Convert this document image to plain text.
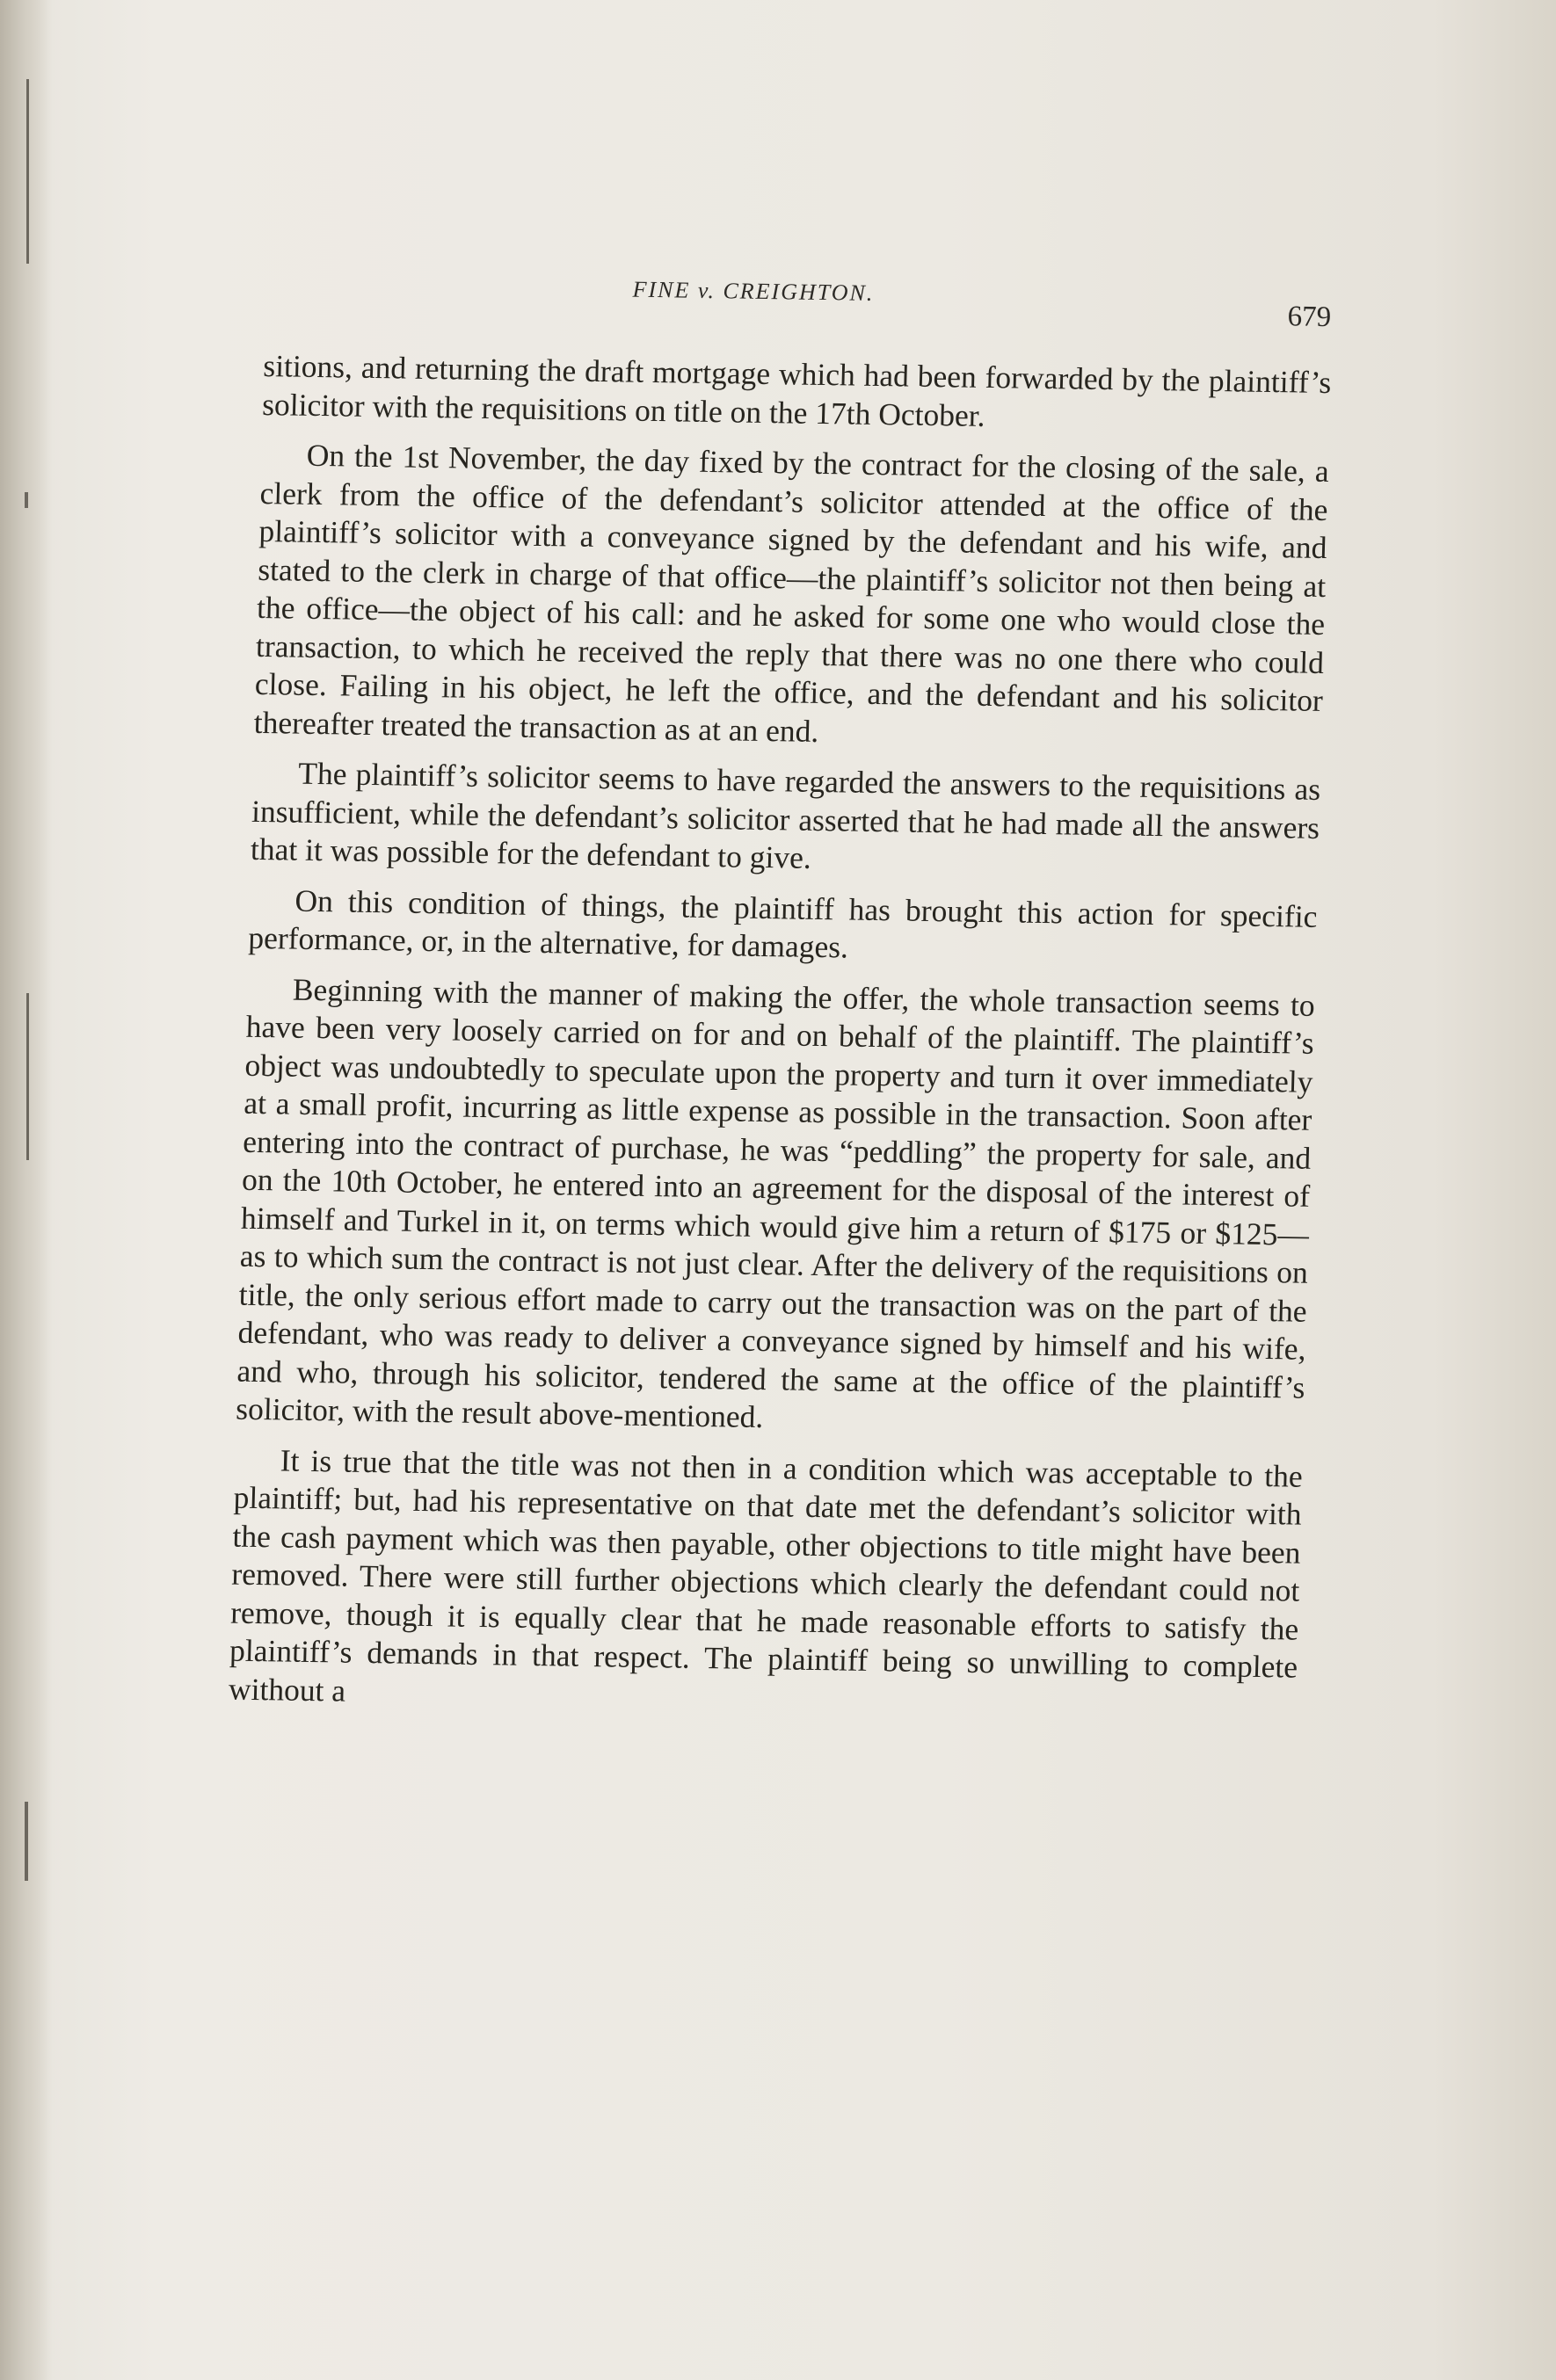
FINE v. CREIGHTON.
679

sitions, and returning the draft mortgage which had been forwarded by the plaintiff’s solicitor with the requisitions on title on the 17th October.

On the 1st November, the day fixed by the contract for the closing of the sale, a clerk from the office of the defendant’s solicitor attended at the office of the plaintiff’s solicitor with a conveyance signed by the defendant and his wife, and stated to the clerk in charge of that office—the plaintiff’s solicitor not then being at the office—the object of his call: and he asked for some one who would close the transaction, to which he received the reply that there was no one there who could close. Failing in his object, he left the office, and the defendant and his solicitor thereafter treated the transaction as at an end.

The plaintiff’s solicitor seems to have regarded the answers to the requisitions as insufficient, while the defendant’s solicitor asserted that he had made all the answers that it was possible for the defendant to give.

On this condition of things, the plaintiff has brought this action for specific performance, or, in the alternative, for damages.

Beginning with the manner of making the offer, the whole transaction seems to have been very loosely carried on for and on behalf of the plaintiff. The plaintiff’s object was undoubtedly to speculate upon the property and turn it over immediately at a small profit, incurring as little expense as possible in the transaction. Soon after entering into the contract of purchase, he was “peddling” the property for sale, and on the 10th October, he entered into an agreement for the disposal of the interest of himself and Turkel in it, on terms which would give him a return of $175 or $125—as to which sum the contract is not just clear. After the delivery of the requisitions on title, the only serious effort made to carry out the transaction was on the part of the defendant, who was ready to deliver a conveyance signed by himself and his wife, and who, through his solicitor, tendered the same at the office of the plaintiff’s solicitor, with the result above-mentioned.

It is true that the title was not then in a condition which was acceptable to the plaintiff; but, had his representative on that date met the defendant’s solicitor with the cash payment which was then payable, other objections to title might have been removed. There were still further objections which clearly the defendant could not remove, though it is equally clear that he made reasonable efforts to satisfy the plaintiff’s demands in that respect. The plaintiff being so unwilling to complete without a
